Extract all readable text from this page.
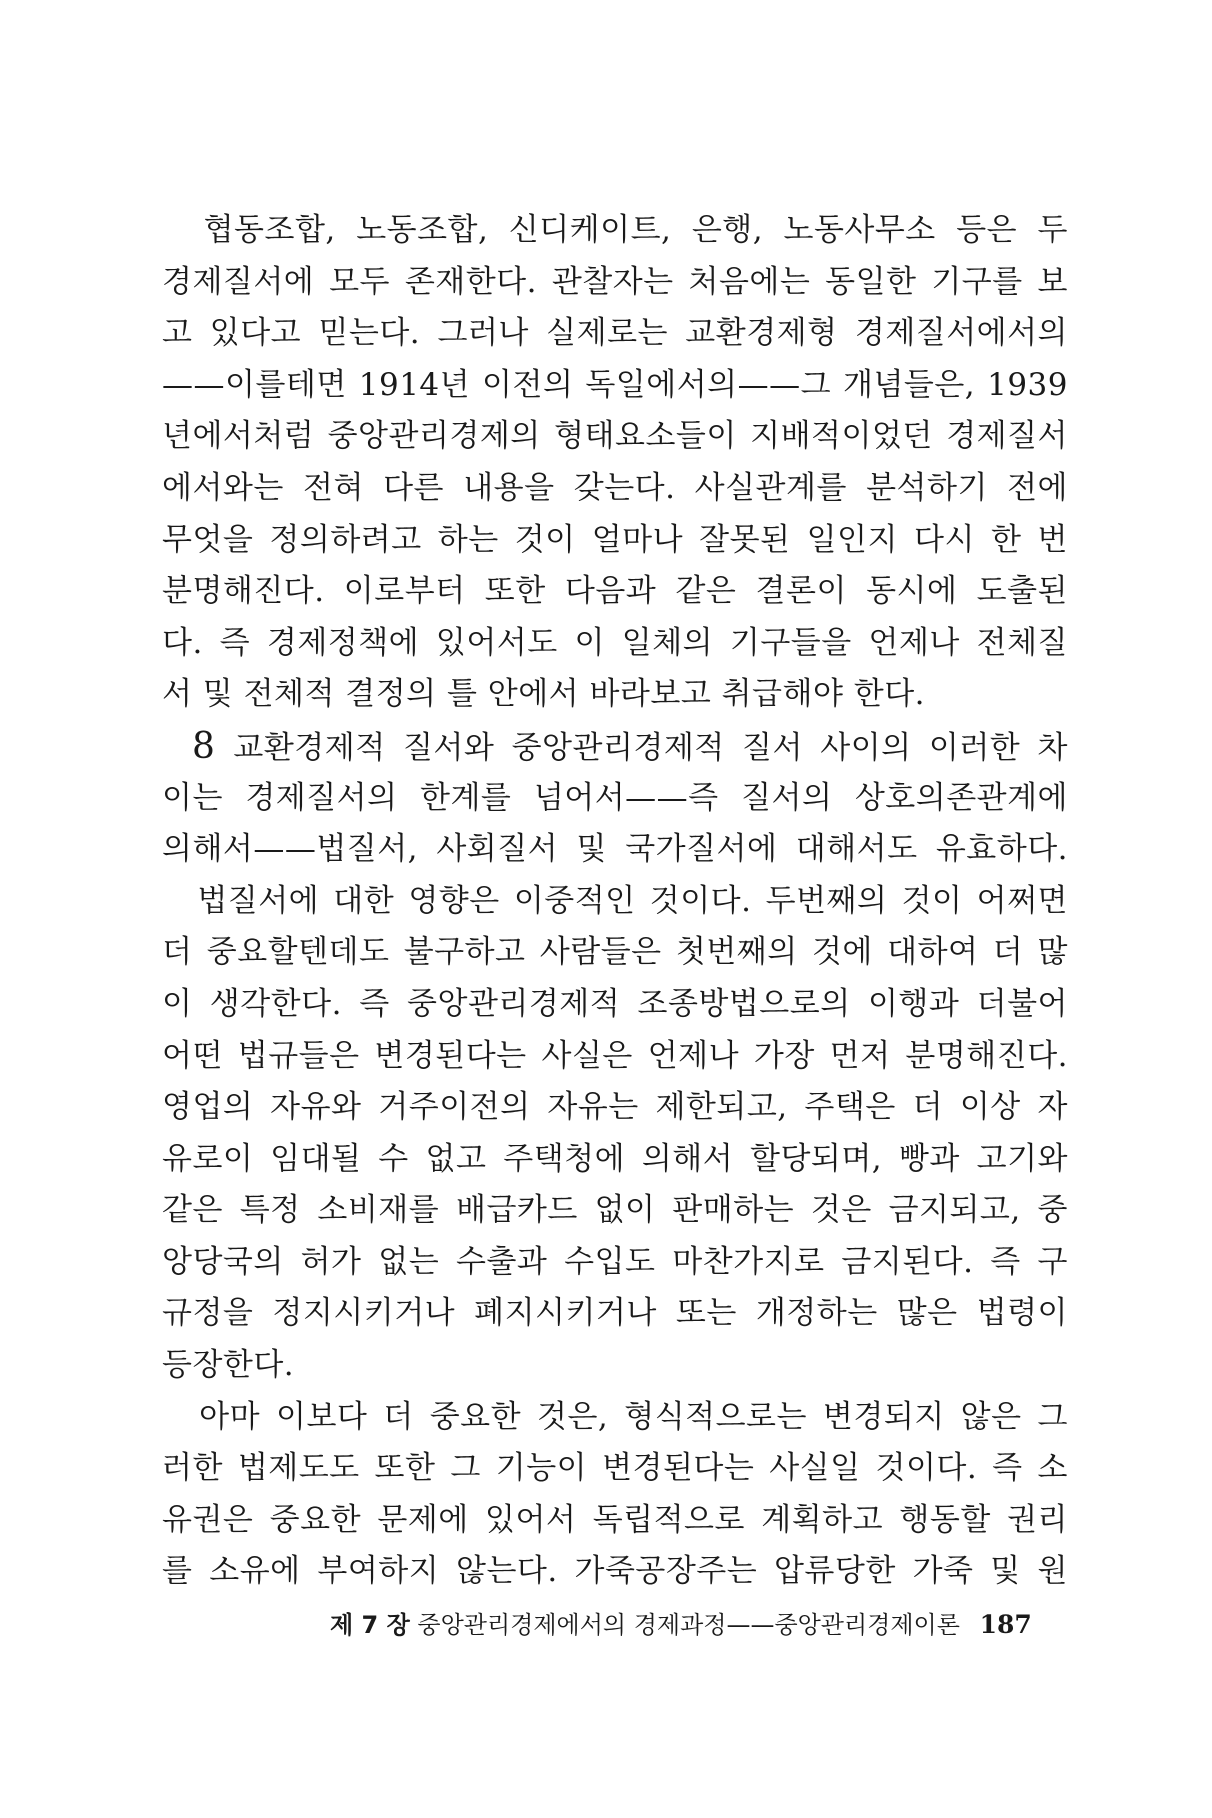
　협동조합, 노동조합, 신디케이트, 은행, 노동사무소 등은 두
경제질서에 모두 존재한다. 관찰자는 처음에는 동일한 기구를 보
고 있다고 믿는다. 그러나 실제로는 교환경제형 경제질서에서의
——이를테면 1914년 이전의 독일에서의——그 개념들은, 1939
년에서처럼 중앙관리경제의 형태요소들이 지배적이었던 경제질서
에서와는 전혀 다른 내용을 갖는다. 사실관계를 분석하기 전에
무엇을 정의하려고 하는 것이 얼마나 잘못된 일인지 다시 한 번
분명해진다. 이로부터 또한 다음과 같은 결론이 동시에 도출된
다. 즉 경제정책에 있어서도 이 일체의 기구들을 언제나 전체질
서 및 전체적 결정의 틀 안에서 바라보고 취급해야 한다.
8 교환경제적 질서와 중앙관리경제적 질서 사이의 이러한 차
이는 경제질서의 한계를 넘어서——즉 질서의 상호의존관계에
의해서——법질서, 사회질서 및 국가질서에 대해서도 유효하다.
　법질서에 대한 영향은 이중적인 것이다. 두번째의 것이 어쩌면
더 중요할텐데도 불구하고 사람들은 첫번째의 것에 대하여 더 많
이 생각한다. 즉 중앙관리경제적 조종방법으로의 이행과 더불어
어떤 법규들은 변경된다는 사실은 언제나 가장 먼저 분명해진다.
영업의 자유와 거주이전의 자유는 제한되고, 주택은 더 이상 자
유로이 임대될 수 없고 주택청에 의해서 할당되며, 빵과 고기와
같은 특정 소비재를 배급카드 없이 판매하는 것은 금지되고, 중
앙당국의 허가 없는 수출과 수입도 마찬가지로 금지된다. 즉 구
규정을 정지시키거나 폐지시키거나 또는 개정하는 많은 법령이
등장한다.
　아마 이보다 더 중요한 것은, 형식적으로는 변경되지 않은 그
러한 법제도도 또한 그 기능이 변경된다는 사실일 것이다. 즉 소
유권은 중요한 문제에 있어서 독립적으로 계획하고 행동할 권리
를 소유에 부여하지 않는다. 가죽공장주는 압류당한 가죽 및 원
제 7 장 중앙관리경제에서의 경제과정——중앙관리경제이론 187
